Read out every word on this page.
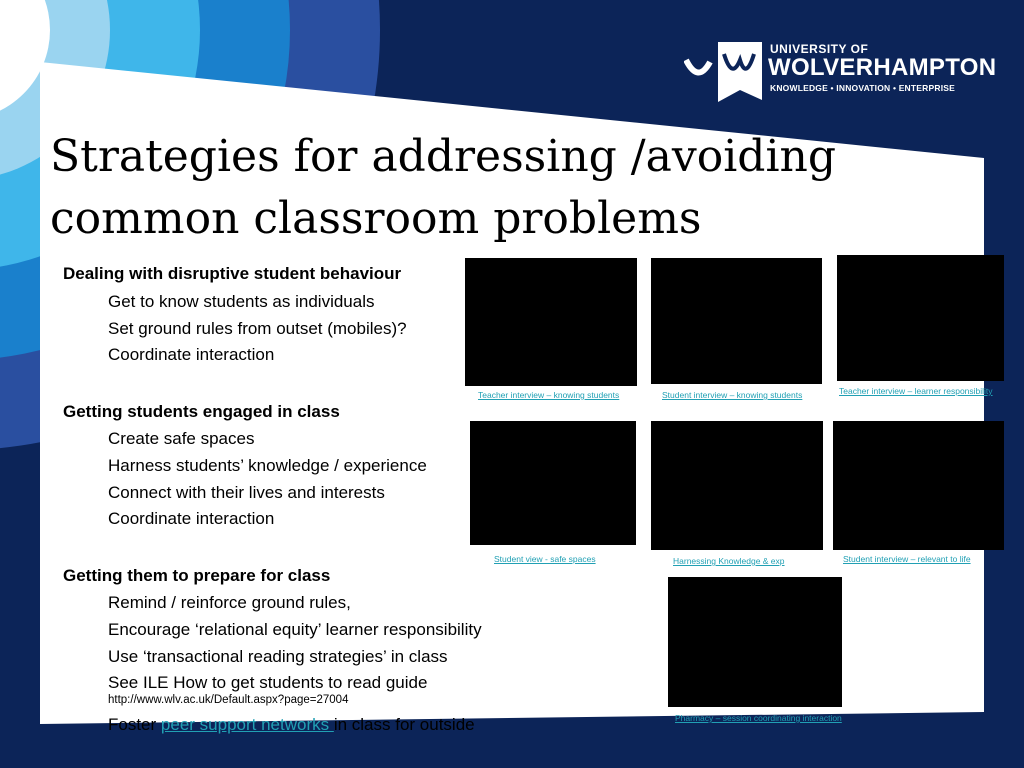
UNIVERSITY OF
WOLVERHAMPTON
KNOWLEDGE • INNOVATION • ENTERPRISE
Strategies for addressing /avoiding
common classroom problems
Dealing with disruptive student behaviour
Get to know students as individuals
Set ground rules from outset (mobiles)?
Coordinate interaction
Getting students engaged in class
Create safe spaces
Harness students’ knowledge / experience
Connect with their lives and interests
Coordinate interaction
Getting them to prepare for class
Remind / reinforce ground rules,
Encourage ‘relational equity’ learner responsibility
Use ‘transactional reading strategies’ in class
See ILE How to get students to read guide
http://www.wlv.ac.uk/Default.aspx?page=27004
Foster peer support networks in class for outside
Teacher interview – knowing students	Student interview – knowing students	Teacher interview – learner responsibility
Student view - safe spaces	Harnessing Knowledge & exp	Student interview – relevant to life
Pharmacy – session coordinating interaction
